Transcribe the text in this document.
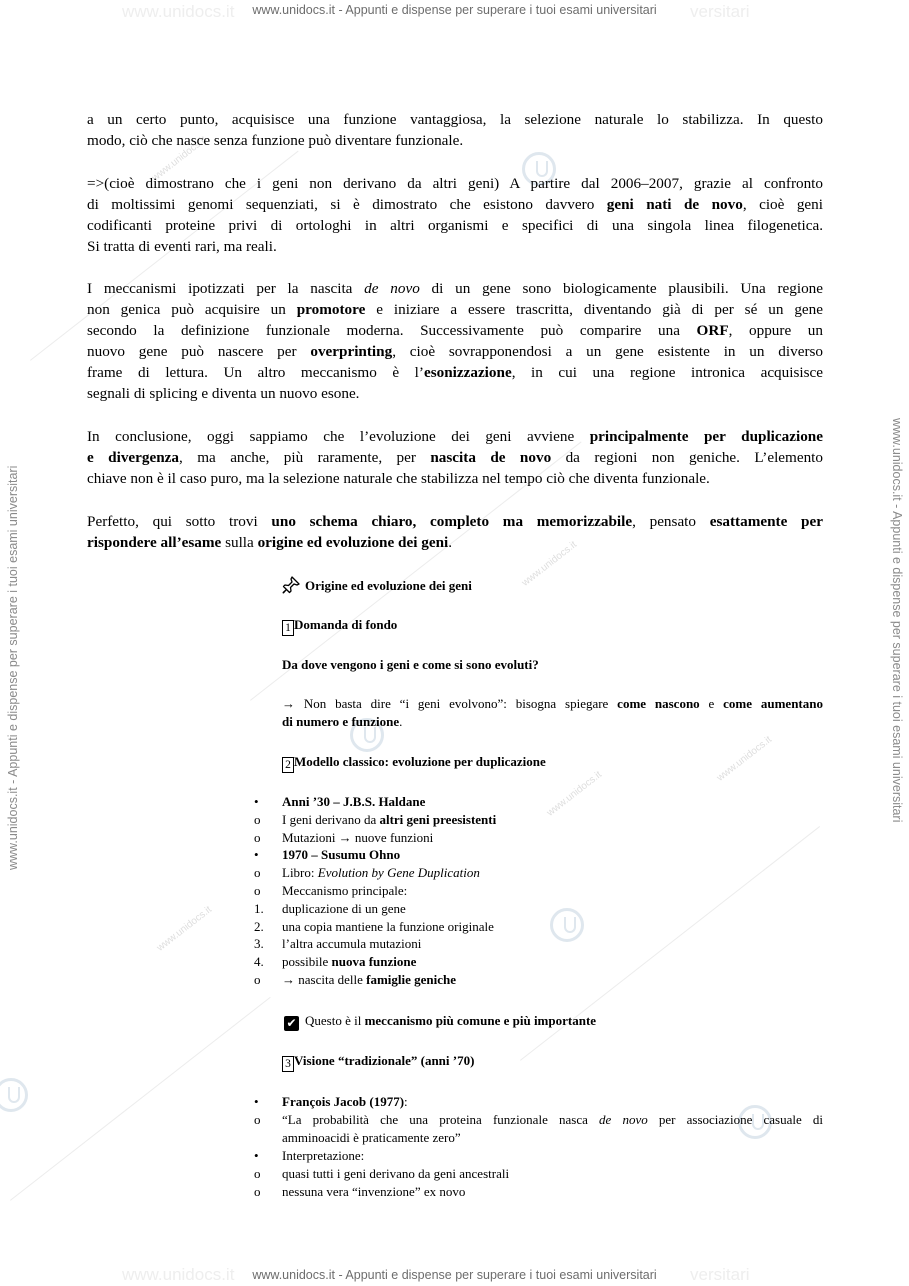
www.unidocs.it	versitari
www.unidocs.it - Appunti e dispense per superare i tuoi esami universitari
www.unidocs.it	versitari
www.unidocs.it - Appunti e dispense per superare i tuoi esami universitari
www.unidocs.it - Appunti e dispense per superare i tuoi esami universitari	www.unidocs.it - Appunti e dispense per superare i tuoi esami universitari
www.unidocs.it
www.unidocs.it
www.unidocs.it
www.unidocs.it
www.unidocs.it
a un certo punto, acquisisce una funzione vantaggiosa, la selezione naturale lo stabilizza. In questo
modo, ciò che nasce senza funzione può diventare funzionale.
=>(cioè dimostrano che i geni non derivano da altri geni) A partire dal 2006–2007, grazie al confronto
di moltissimi genomi sequenziati, si è dimostrato che esistono davvero geni nati de novo, cioè geni
codificanti proteine privi di ortologhi in altri organismi e specifici di una singola linea filogenetica.
Si tratta di eventi rari, ma reali.
I meccanismi ipotizzati per la nascita de novo di un gene sono biologicamente plausibili. Una regione
non genica può acquisire un promotore e iniziare a essere trascritta, diventando già di per sé un gene
secondo la definizione funzionale moderna. Successivamente può comparire una ORF, oppure un
nuovo gene può nascere per overprinting, cioè sovrapponendosi a un gene esistente in un diverso
frame di lettura. Un altro meccanismo è l’esonizzazione, in cui una regione intronica acquisisce
segnali di splicing e diventa un nuovo esone.
In conclusione, oggi sappiamo che l’evoluzione dei geni avviene principalmente per duplicazione
e divergenza, ma anche, più raramente, per nascita de novo da regioni non geniche. L’elemento
chiave non è il caso puro, ma la selezione naturale che stabilizza nel tempo ciò che diventa funzionale.
Perfetto, qui sotto trovi uno schema chiaro, completo ma memorizzabile, pensato esattamente per
rispondere all’esame sulla origine ed evoluzione dei geni.
Origine ed evoluzione dei geni
1 Domanda di fondo
Da dove vengono i geni e come si sono evoluti?
→ Non basta dire “i geni evolvono”: bisogna spiegare come nascono e come aumentano
di numero e funzione.
2 Modello classico: evoluzione per duplicazione
•	Anni ’30 – J.B.S. Haldane
o	I geni derivano da altri geni preesistenti
o	Mutazioni → nuove funzioni
•	1970 – Susumu Ohno
o	Libro: Evolution by Gene Duplication
o	Meccanismo principale:
1.	duplicazione di un gene
2.	una copia mantiene la funzione originale
3.	l’altra accumula mutazioni
4.	possibile nuova funzione
o	→ nascita delle famiglie geniche
✔ Questo è il meccanismo più comune e più importante
3 Visione “tradizionale” (anni ’70)
•	François Jacob (1977):
o	“La probabilità che una proteina funzionale nasca de novo per associazione casuale di
amminoacidi è praticamente zero”
•	Interpretazione:
o	quasi tutti i geni derivano da geni ancestrali
o	nessuna vera “invenzione” ex novo
